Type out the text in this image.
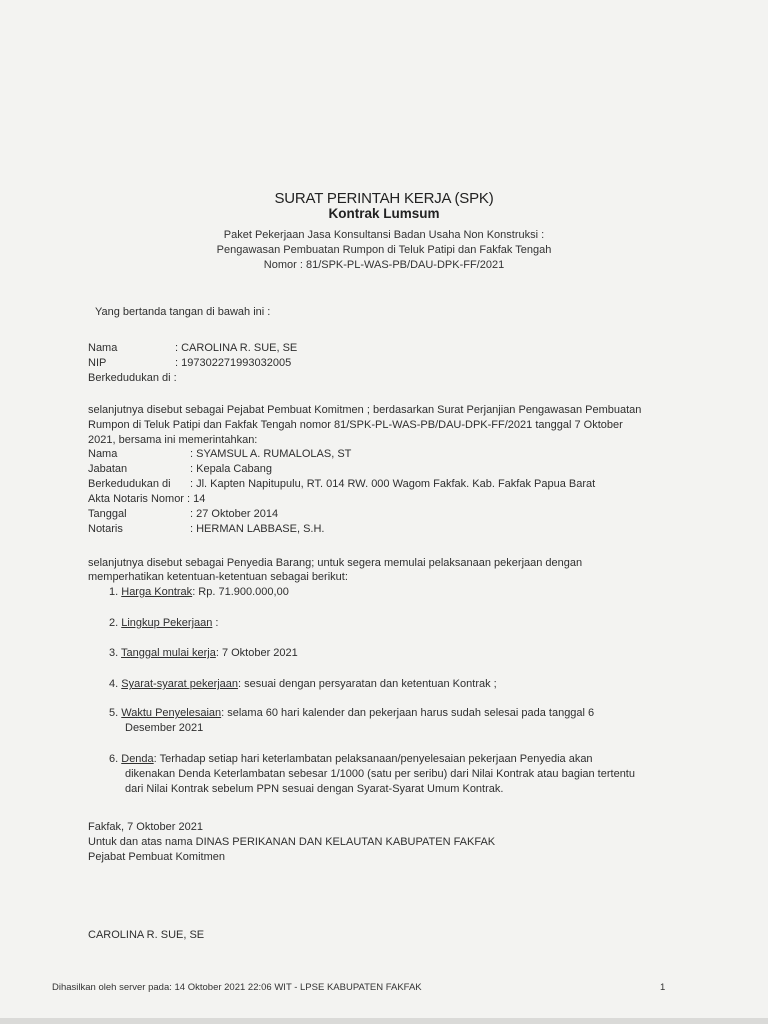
SURAT PERINTAH KERJA (SPK)
Kontrak Lumsum
Paket Pekerjaan Jasa Konsultansi Badan Usaha Non Konstruksi :
Pengawasan Pembuatan Rumpon di Teluk Patipi dan Fakfak Tengah
Nomor : 81/SPK-PL-WAS-PB/DAU-DPK-FF/2021
Yang bertanda tangan di bawah ini :
Nama	: CAROLINA R. SUE, SE
NIP	: 197302271993032005
Berkedudukan di :
selanjutnya disebut sebagai Pejabat Pembuat Komitmen ; berdasarkan Surat Perjanjian Pengawasan Pembuatan
Rumpon di Teluk Patipi dan Fakfak Tengah nomor 81/SPK-PL-WAS-PB/DAU-DPK-FF/2021 tanggal 7 Oktober
2021, bersama ini memerintahkan:
Nama	: SYAMSUL A. RUMALOLAS, ST
Jabatan	: Kepala Cabang
Berkedudukan di : Jl. Kapten Napitupulu, RT. 014 RW. 000 Wagom Fakfak. Kab. Fakfak Papua Barat
Akta Notaris Nomor : 14
Tanggal	: 27 Oktober 2014
Notaris	: HERMAN LABBASE, S.H.
selanjutnya disebut sebagai Penyedia Barang; untuk segera memulai pelaksanaan pekerjaan dengan
memperhatikan ketentuan-ketentuan sebagai berikut:
1. Harga Kontrak: Rp. 71.900.000,00
2. Lingkup Pekerjaan :
3. Tanggal mulai kerja: 7 Oktober 2021
4. Syarat-syarat pekerjaan: sesuai dengan persyaratan dan ketentuan Kontrak ;
5. Waktu Penyelesaian: selama 60 hari kalender dan pekerjaan harus sudah selesai pada tanggal 6
Desember 2021
6. Denda: Terhadap setiap hari keterlambatan pelaksanaan/penyelesaian pekerjaan Penyedia akan
dikenakan Denda Keterlambatan sebesar 1/1000 (satu per seribu) dari Nilai Kontrak atau bagian tertentu
dari Nilai Kontrak sebelum PPN sesuai dengan Syarat-Syarat Umum Kontrak.
Fakfak, 7 Oktober 2021
Untuk dan atas nama DINAS PERIKANAN DAN KELAUTAN KABUPATEN FAKFAK
Pejabat Pembuat Komitmen
CAROLINA R. SUE, SE
Dihasilkan oleh server pada: 14 Oktober 2021 22:06 WIT - LPSE KABUPATEN FAKFAK	1
